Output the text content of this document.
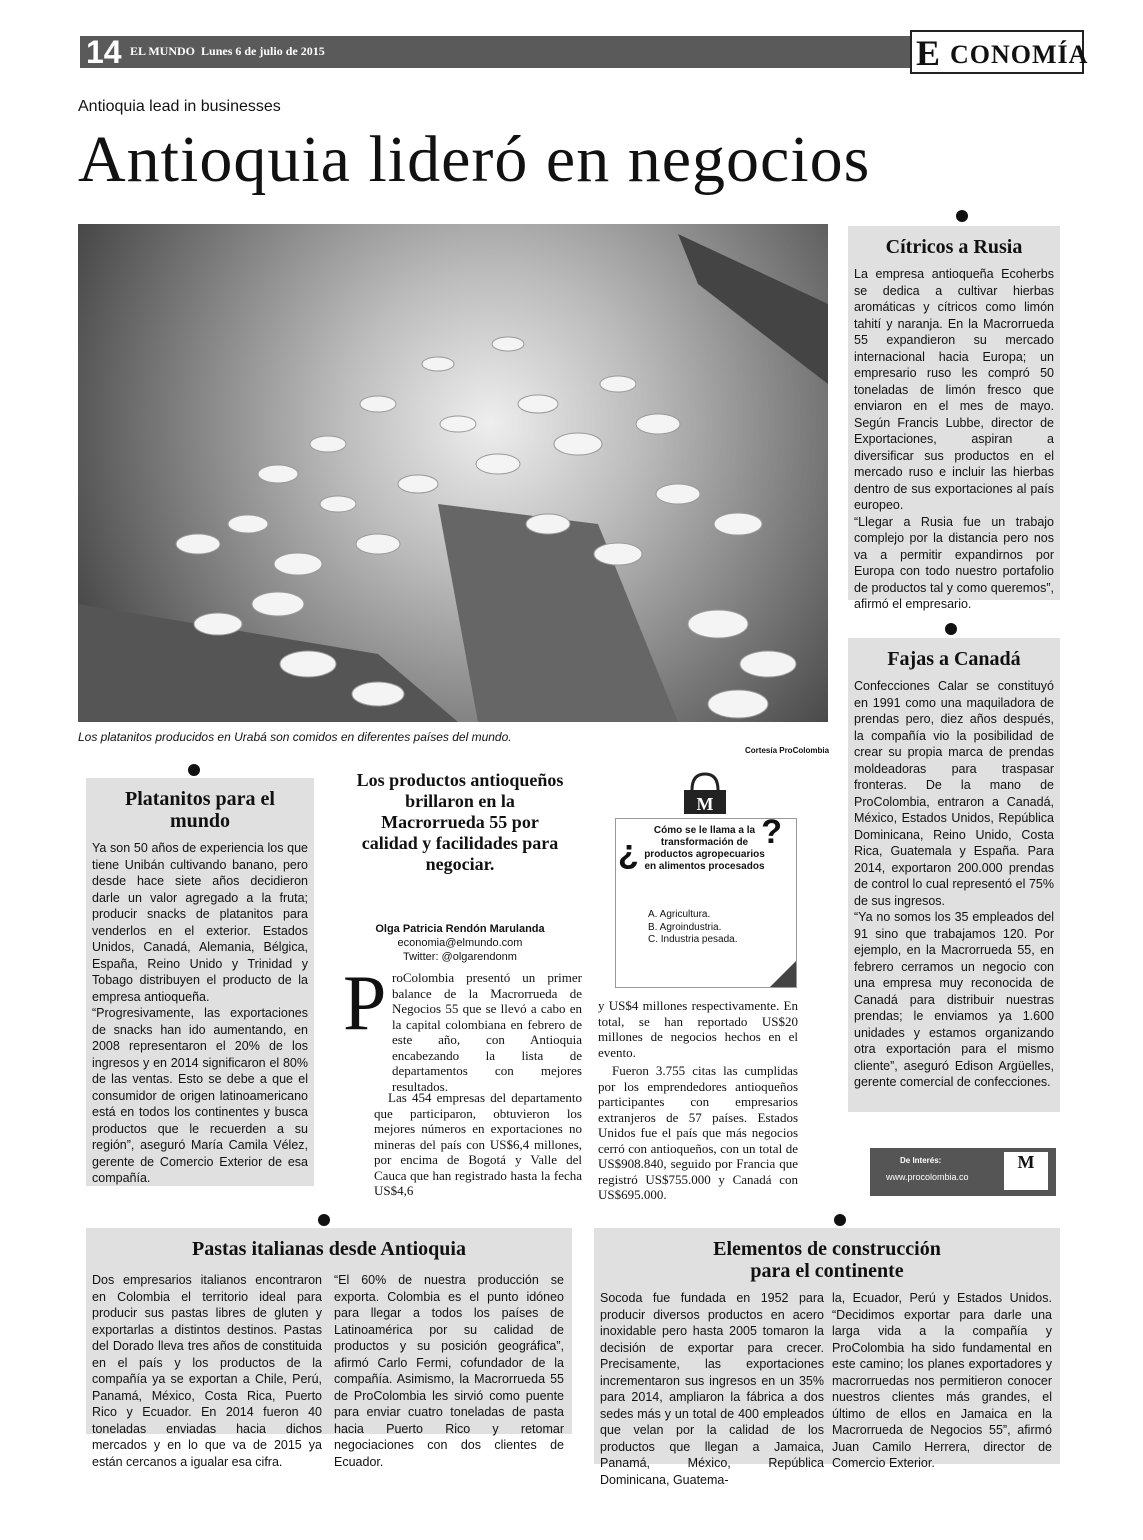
14 EL MUNDO Lunes 6 de julio de 2015	E CONOMÍA
Antioquia lead in businesses
Antioquia lideró en negocios
Los platanitos producidos en Urabá son comidos en diferentes países del mundo.
Cortesía ProColombia
Cítricos a Rusia

La empresa antioqueña Ecoherbs se dedica a cultivar hierbas aromáticas y cítricos como limón tahití y naranja. En la Macrorrueda 55 expandieron su mercado internacional hacia Europa; un empresario ruso les compró 50 toneladas de limón fresco que enviaron en el mes de mayo. Según Francis Lubbe, director de Exportaciones, aspiran a diversificar sus productos en el mercado ruso e incluir las hierbas dentro de sus exportaciones al país europeo.

“Llegar a Rusia fue un trabajo complejo por la distancia pero nos va a permitir expandirnos por Europa con todo nuestro portafolio de productos tal y como queremos”, afirmó el empresario.

Fajas a Canadá

Confecciones Calar se constituyó en 1991 como una maquiladora de prendas pero, diez años después, la compañía vio la posibilidad de crear su propia marca de prendas moldeadoras para traspasar fronteras. De la mano de ProColombia, entraron a Canadá, México, Estados Unidos, República Dominicana, Reino Unido, Costa Rica, Guatemala y España. Para 2014, exportaron 200.000 prendas de control lo cual representó el 75% de sus ingresos.

“Ya no somos los 35 empleados del 91 sino que trabajamos 120. Por ejemplo, en la Macrorrueda 55, en febrero cerramos un negocio con una empresa muy reconocida de Canadá para distribuir nuestras prendas; le enviamos ya 1.600 unidades y estamos organizando otra exportación para el mismo cliente”, aseguró Edison Argüelles, gerente comercial de confecciones.

Platanitos para el mundo

Ya son 50 años de experiencia los que tiene Unibán cultivando banano, pero desde hace siete años decidieron darle un valor agregado a la fruta; producir snacks de platanitos para venderlos en el exterior. Estados Unidos, Canadá, Alemania, Bélgica, España, Reino Unido y Trinidad y Tobago distribuyen el producto de la empresa antioqueña.

“Progresivamente, las exportaciones de snacks han ido aumentando, en 2008 representaron el 20% de los ingresos y en 2014 significaron el 80% de las ventas. Esto se debe a que el consumidor de origen latinoamericano está en todos los continentes y busca productos que le recuerden a su región”, aseguró María Camila Vélez, gerente de Comercio Exterior de esa compañía.

Los productos antioqueños brillaron en la Macrorrueda 55 por calidad y facilidades para negociar.
Olga Patricia Rendón Marulanda
economia@elmundo.com
Twitter: @olgarendonm
P roColombia presentó un primer balance de la Macrorrueda de Negocios 55 que se llevó a cabo en la capital colombiana en febrero de este año, con Antioquia encabezando la lista de departamentos con mejores resultados.
Las 454 empresas del departamento que participaron, obtuvieron los mejores números en exportaciones no mineras del país con US$6,4 millones, por encima de Bogotá y Valle del Cauca que han registrado hasta la fecha US$4,6
y US$4 millones respectivamente. En total, se han reportado US$20 millones de negocios hechos en el evento.
Fueron 3.755 citas las cumplidas por los emprendedores antioqueños participantes con empresarios extranjeros de 57 países. Estados Unidos fue el país que más negocios cerró con antioqueños, con un total de US$908.840, seguido por Francia que registró US$755.000 y Canadá con US$695.000.
M
¿
?
Cómo se le llama a la transformación de productos agropecuarios en alimentos procesados
A. Agricultura.
B. Agroindustria.
C. Industria pesada.
De Interés:
www.procolombia.co
M
Pastas italianas desde Antioquia
Dos empresarios italianos encontraron en Colombia el territorio ideal para producir sus pastas libres de gluten y exportarlas a distintos destinos. Pastas del Dorado lleva tres años de constituida en el país y los productos de la compañía ya se exportan a Chile, Perú, Panamá, México, Costa Rica, Puerto Rico y Ecuador. En 2014 fueron 40 toneladas enviadas hacia dichos mercados y en lo que va de 2015 ya están cercanos a igualar esa cifra.
“El 60% de nuestra producción se exporta. Colombia es el punto idóneo para llegar a todos los países de Latinoamérica por su calidad de productos y su posición geográfica”, afirmó Carlo Fermi, cofundador de la compañía. Asimismo, la Macrorrueda 55 de ProColombia les sirvió como puente para enviar cuatro toneladas de pasta hacia Puerto Rico y retomar negociaciones con dos clientes de Ecuador.
Elementos de construcción para el continente
Socoda fue fundada en 1952 para producir diversos productos en acero inoxidable pero hasta 2005 tomaron la decisión de exportar para crecer. Precisamente, las exportaciones incrementaron sus ingresos en un 35% para 2014, ampliaron la fábrica a dos sedes más y un total de 400 empleados que velan por la calidad de los productos que llegan a Jamaica, Panamá, México, República Dominicana, Guatema-
la, Ecuador, Perú y Estados Unidos. “Decidimos exportar para darle una larga vida a la compañía y ProColombia ha sido fundamental en este camino; los planes exportadores y macrorruedas nos permitieron conocer nuestros clientes más grandes, el último de ellos en Jamaica en la Macrorrueda de Negocios 55”, afirmó Juan Camilo Herrera, director de Comercio Exterior.
